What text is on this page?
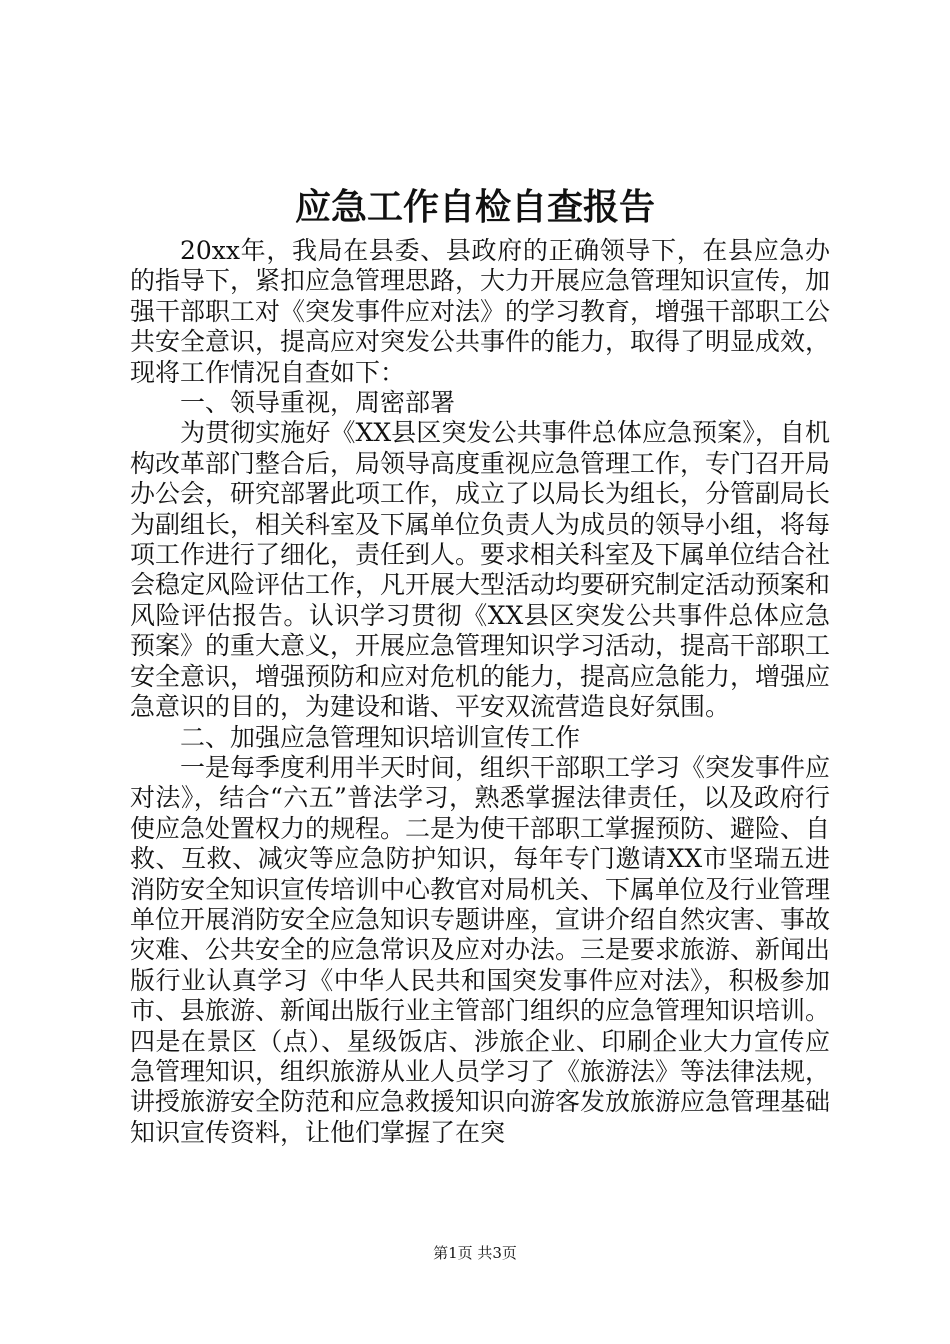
应急工作自检自查报告

20xx年，我局在县委、县政府的正确领导下，在县应急办的指导下，紧扣应急管理思路，大力开展应急管理知识宣传，加强干部职工对《突发事件应对法》的学习教育，增强干部职工公共安全意识，提高应对突发公共事件的能力，取得了明显成效，现将工作情况自查如下：

一、领导重视，周密部署

为贯彻实施好《XX县区突发公共事件总体应急预案》，自机构改革部门整合后，局领导高度重视应急管理工作，专门召开局办公会，研究部署此项工作，成立了以局长为组长，分管副局长为副组长，相关科室及下属单位负责人为成员的领导小组，将每项工作进行了细化，责任到人。要求相关科室及下属单位结合社会稳定风险评估工作，凡开展大型活动均要研究制定活动预案和风险评估报告。认识学习贯彻《XX县区突发公共事件总体应急预案》的重大意义，开展应急管理知识学习活动，提高干部职工安全意识，增强预防和应对危机的能力，提高应急能力，增强应急意识的目的，为建设和谐、平安双流营造良好氛围。

二、加强应急管理知识培训宣传工作

一是每季度利用半天时间，组织干部职工学习《突发事件应对法》，结合“六五”普法学习，熟悉掌握法律责任，以及政府行使应急处置权力的规程。二是为使干部职工掌握预防、避险、自救、互救、减灾等应急防护知识，每年专门邀请XX市坚瑞五进消防安全知识宣传培训中心教官对局机关、下属单位及行业管理单位开展消防安全应急知识专题讲座，宣讲介绍自然灾害、事故灾难、公共安全的应急常识及应对办法。三是要求旅游、新闻出版行业认真学习《中华人民共和国突发事件应对法》，积极参加市、县旅游、新闻出版行业主管部门组织的应急管理知识培训。四是在景区（点）、星级饭店、涉旅企业、印刷企业大力宣传应急管理知识，组织旅游从业人员学习了《旅游法》等法律法规，讲授旅游安全防范和应急救援知识向游客发放旅游应急管理基础知识宣传资料，让他们掌握了在突

第1页 共3页
